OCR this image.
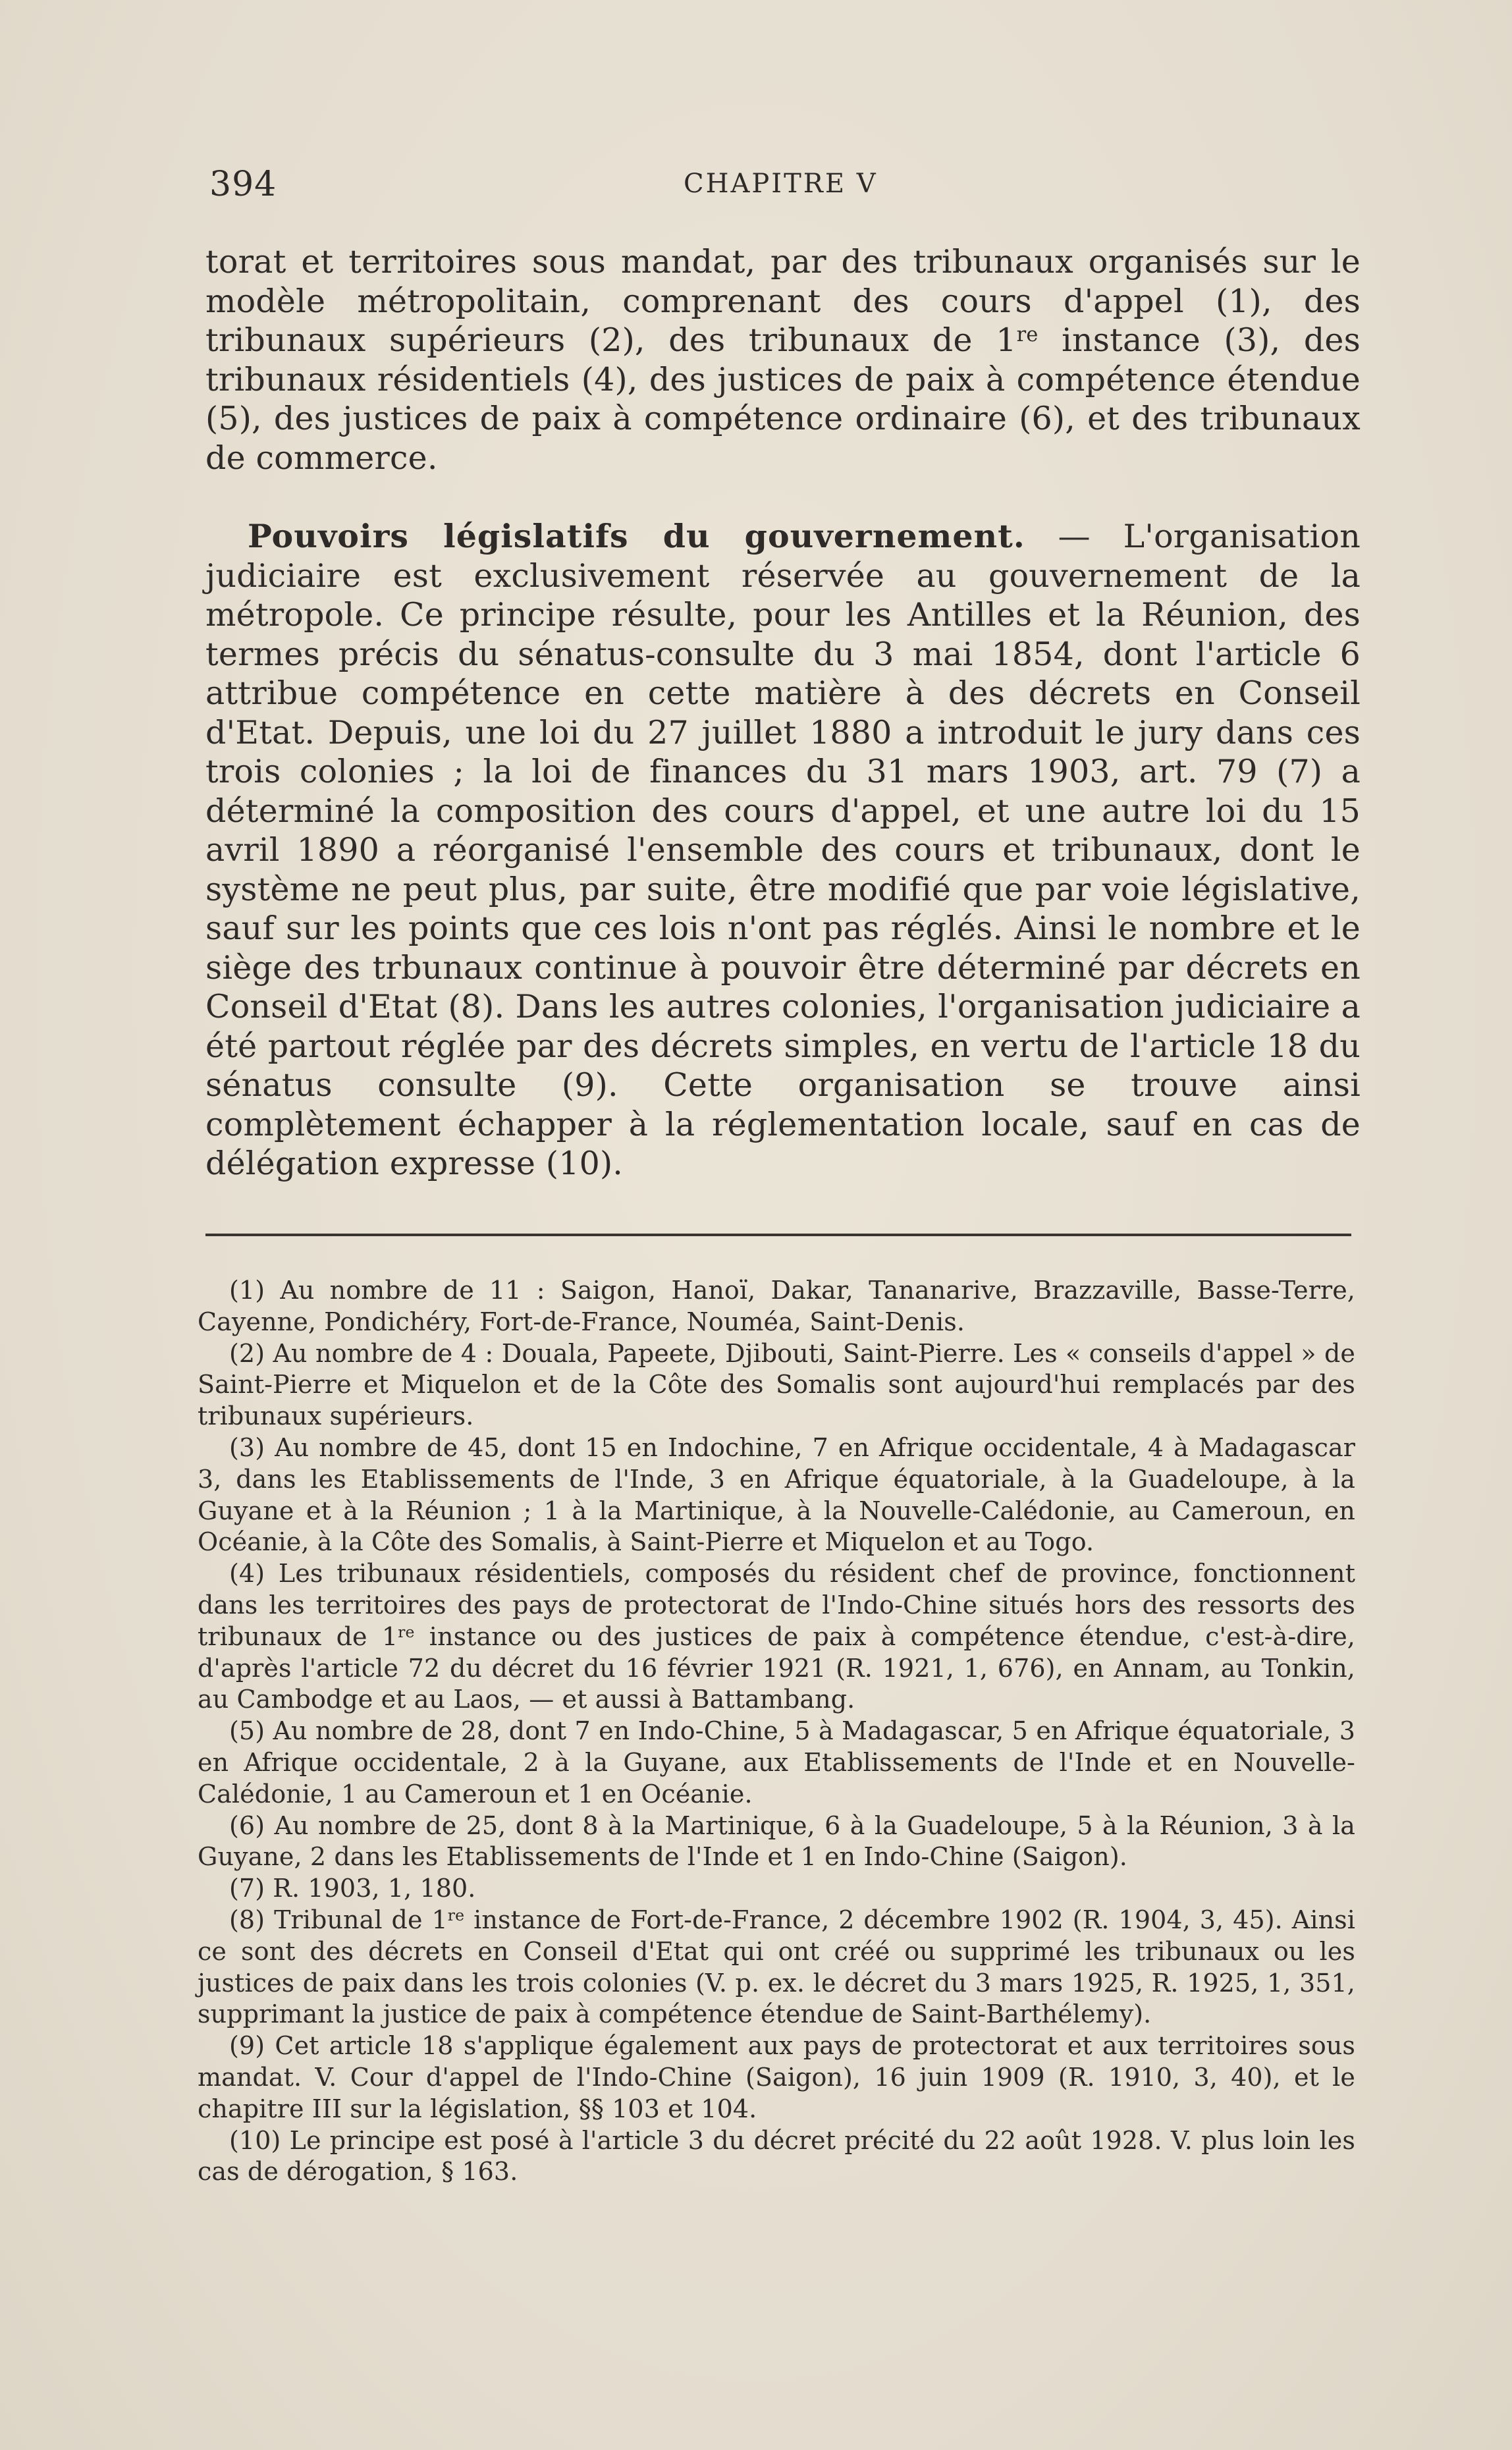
394	CHAPITRE V

torat et territoires sous mandat, par des tribunaux organisés sur le modèle métropolitain, comprenant des cours d'appel (1), des tribunaux supérieurs (2), des tribunaux de 1re instance (3), des tribunaux résidentiels (4), des justices de paix à compétence étendue (5), des justices de paix à compétence ordinaire (6), et des tribunaux de commerce.

Pouvoirs législatifs du gouvernement. — L'organisation judiciaire est exclusivement réservée au gouvernement de la métropole. Ce principe résulte, pour les Antilles et la Réunion, des termes précis du sénatus-consulte du 3 mai 1854, dont l'article 6 attribue compétence en cette matière à des décrets en Conseil d'Etat. Depuis, une loi du 27 juillet 1880 a introduit le jury dans ces trois colonies ; la loi de finances du 31 mars 1903, art. 79 (7) a déterminé la composition des cours d'appel, et une autre loi du 15 avril 1890 a réorganisé l'ensemble des cours et tribunaux, dont le système ne peut plus, par suite, être modifié que par voie législative, sauf sur les points que ces lois n'ont pas réglés. Ainsi le nombre et le siège des trbunaux continue à pouvoir être déterminé par décrets en Conseil d'Etat (8). Dans les autres colonies, l'organisation judiciaire a été partout réglée par des décrets simples, en vertu de l'article 18 du sénatus consulte (9). Cette organisation se trouve ainsi complètement échapper à la réglementation locale, sauf en cas de délégation expresse (10).

(1) Au nombre de 11 : Saigon, Hanoï, Dakar, Tananarive, Brazzaville, Basse-Terre, Cayenne, Pondichéry, Fort-de-France, Nouméa, Saint-Denis.

(2) Au nombre de 4 : Douala, Papeete, Djibouti, Saint-Pierre. Les « conseils d'appel » de Saint-Pierre et Miquelon et de la Côte des Somalis sont aujourd'hui remplacés par des tribunaux supérieurs.

(3) Au nombre de 45, dont 15 en Indochine, 7 en Afrique occidentale, 4 à Madagascar 3, dans les Etablissements de l'Inde, 3 en Afrique équatoriale, à la Guadeloupe, à la Guyane et à la Réunion ; 1 à la Martinique, à la Nouvelle-Calédonie, au Cameroun, en Océanie, à la Côte des Somalis, à Saint-Pierre et Miquelon et au Togo.

(4) Les tribunaux résidentiels, composés du résident chef de province, fonctionnent dans les territoires des pays de protectorat de l'Indo-Chine situés hors des ressorts des tribunaux de 1re instance ou des justices de paix à compétence étendue, c'est-à-dire, d'après l'article 72 du décret du 16 février 1921 (R. 1921, 1, 676), en Annam, au Tonkin, au Cambodge et au Laos, — et aussi à Battambang.

(5) Au nombre de 28, dont 7 en Indo-Chine, 5 à Madagascar, 5 en Afrique équatoriale, 3 en Afrique occidentale, 2 à la Guyane, aux Etablissements de l'Inde et en Nouvelle-Calédonie, 1 au Cameroun et 1 en Océanie.

(6) Au nombre de 25, dont 8 à la Martinique, 6 à la Guadeloupe, 5 à la Réunion, 3 à la Guyane, 2 dans les Etablissements de l'Inde et 1 en Indo-Chine (Saigon).

(7) R. 1903, 1, 180.

(8) Tribunal de 1re instance de Fort-de-France, 2 décembre 1902 (R. 1904, 3, 45). Ainsi ce sont des décrets en Conseil d'Etat qui ont créé ou supprimé les tribunaux ou les justices de paix dans les trois colonies (V. p. ex. le décret du 3 mars 1925, R. 1925, 1, 351, supprimant la justice de paix à compétence étendue de Saint-Barthélemy).

(9) Cet article 18 s'applique également aux pays de protectorat et aux territoires sous mandat. V. Cour d'appel de l'Indo-Chine (Saigon), 16 juin 1909 (R. 1910, 3, 40), et le chapitre III sur la législation, §§ 103 et 104.

(10) Le principe est posé à l'article 3 du décret précité du 22 août 1928. V. plus loin les cas de dérogation, § 163.
